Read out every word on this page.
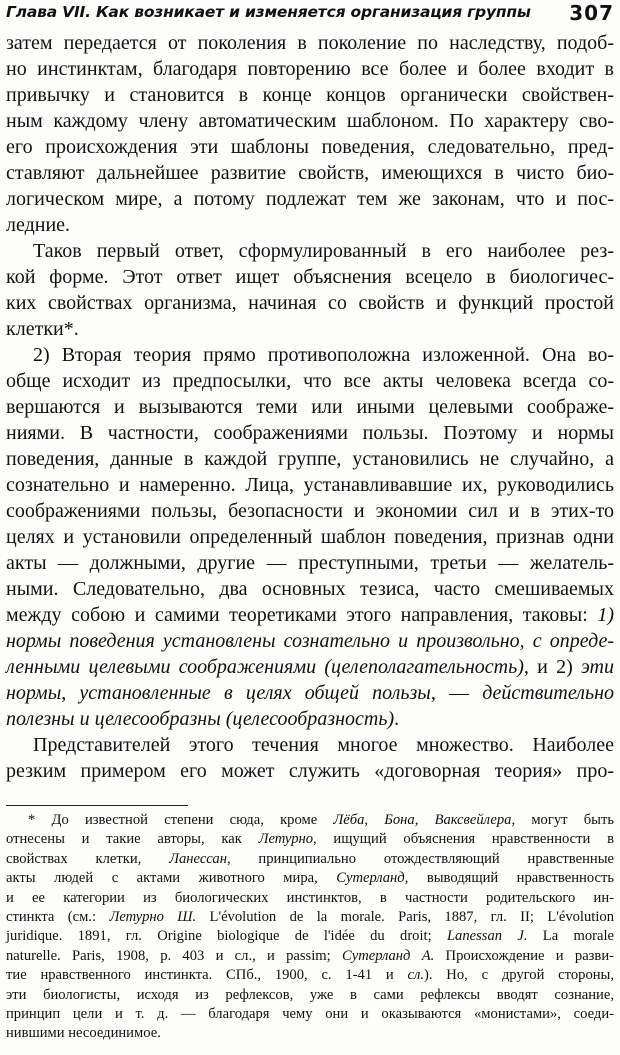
Глава VII. Как возникает и изменяется организация группы 307
затем передается от поколения в поколение по наследству, подоб-
но инстинктам, благодаря повторению все более и более входит в
привычку и становится в конце концов органически свойствен-
ным каждому члену автоматическим шаблоном. По характеру сво-
его происхождения эти шаблоны поведения, следовательно, пред-
ставляют дальнейшее развитие свойств, имеющихся в чисто био-
логическом мире, а потому подлежат тем же законам, что и пос-
ледние.
Таков первый ответ, сформулированный в его наиболее рез-
кой форме. Этот ответ ищет объяснения всецело в биологичес-
ких свойствах организма, начиная со свойств и функций простой
клетки*.
2) Вторая теория прямо противоположна изложенной. Она во-
обще исходит из предпосылки, что все акты человека всегда со-
вершаются и вызываются теми или иными целевыми соображе-
ниями. В частности, соображениями пользы. Поэтому и нормы
поведения, данные в каждой группе, установились не случайно, а
сознательно и намеренно. Лица, устанавливавшие их, руководились
соображениями пользы, безопасности и экономии сил и в этих-то
целях и установили определенный шаблон поведения, признав одни
акты — должными, другие — преступными, третьи — желатель-
ными. Следовательно, два основных тезиса, часто смешиваемых
между собою и самими теоретиками этого направления, таковы: 1)
нормы поведения установлены сознательно и произвольно, с опреде-
ленными целевыми соображениями (целеполагательность), и 2) эти
нормы, установленные в целях общей пользы, — действительно
полезны и целесообразны (целесообразность).
Представителей этого течения многое множество. Наиболее
резким примером его может служить «договорная теория» про-
* До известной степени сюда, кроме Лёба, Бона, Ваксвейлера, могут быть
отнесены и такие авторы, как Летурно, ищущий объяснения нравственности в
свойствах клетки, Ланессан, принципиально отождествляющий нравственные
акты людей с актами животного мира, Сутерланд, выводящий нравственность
и ее категории из биологических инстинктов, в частности родительского ин-
стинкта (см.: Летурно Ш. L'évolution de la morale. Paris, 1887, гл. II; L'évolution
juridique. 1891, гл. Origine biologique de l'idée du droit; Lanessan J. La morale
naturelle. Paris, 1908, p. 403 и сл., и passim; Сутерланд А. Происхождение и разви-
тие нравственного инстинкта. СПб., 1900, с. 1-41 и сл.). Но, с другой стороны,
эти биологисты, исходя из рефлексов, уже в сами рефлексы вводят сознание,
принцип цели и т. д. — благодаря чему они и оказываются «монистами», соеди-
нившими несоединимое.
